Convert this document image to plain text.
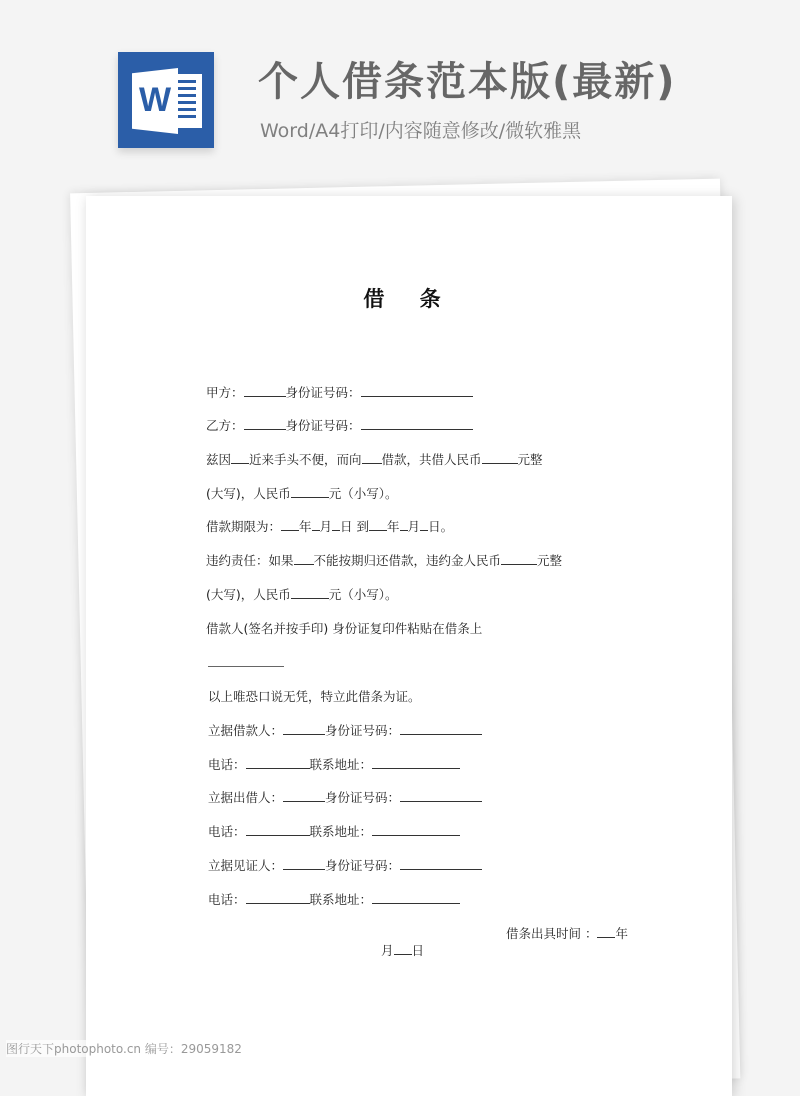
W 个人借条范本版(最新)
Word/A4打印/内容随意修改/微软雅黑
借 条
甲方：	身份证号码：
乙方：	身份证号码：
兹因 近来手头不便，而向 借款，共借人民币	元整
(大写)，人民币	元（小写）。
借款期限为： 年 月 日 到 年 月 日。
违约责任：如果 不能按期归还借款，违约金人民币	元整
(大写)，人民币	元（小写）。
借款人(签名并按手印) 身份证复印件粘贴在借条上
以上唯恐口说无凭，特立此借条为证。
立据借款人：	身份证号码：
电话：	联系地址：
立据出借人：	身份证号码：
电话：	联系地址：
立据见证人：	身份证号码：
电话：	联系地址：
借条出具时间 ： 年
月 日
图行天下photophoto.cn 编号：29059182
